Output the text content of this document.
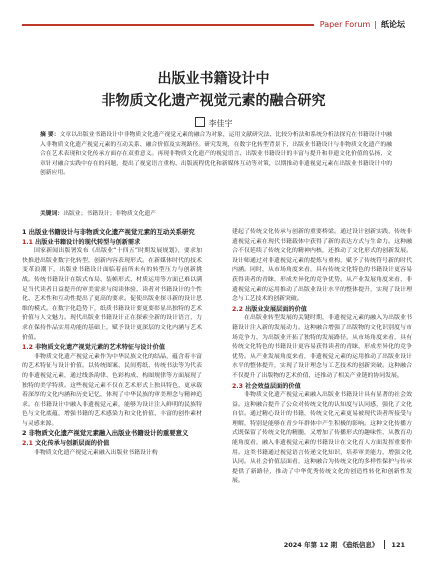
Paper Forum | 纸论坛
出版业书籍设计中
非物质文化遗产视觉元素的融合研究
李佳宇
摘 要：文章以出版业书籍设计中非物质文化遗产视觉元素的融合为对象，运用文献研究法、比较分析法和系统分析法探究在书籍设计中融入非物质文化遗产视觉元素的互动关系、融合价值及实现路径。研究发现，在数字化转型背景下，出版业书籍设计与非物质文化遗产的融合在艺术表现和文化传承方面存在双重意义。再现非物质文化遗产的视觉语言、出版业书籍设计的丰富与提升和非遗文化价值的弘扬，文章针对融合实践中存在的问题，提出了视觉语言重构、出版流程优化和新媒体互动等对策，以期推动非遗视觉元素在出版业书籍设计中的创新应用。
关键词：出版业；书籍设计；非物质文化遗产
1 出版业书籍设计与非物质文化遗产视觉元素的互动关系研究
1.1 出版业书籍设计的现代转型与创新需求

国家新闻出版署发布《出版业“十四五”时期发展规划》，要求加快推进出版业数字化转型，创新内容表现形式。在新媒体时代的技术变革浪潮下，出版业书籍设计面临着前所未有的转型压力与创新挑战。传统书籍设计在版式布局、装帧形式、材质运用等方面已难以满足当代读者日益提升的审美需求与阅读体验，读者对书籍设计的个性化、艺术性和互动性提出了更高的要求。促使出版业探寻新的设计思维的模式。在数字化趋势下，纸质书籍设计要更要彰显出独特的艺术价值与人文魅力。现代出版业书籍设计正在探索全新的设计语言，力求在保持作品实用功能的基础上，赋予设计更深层的文化内涵与艺术价值。

1.2 非物质文化遗产视觉元素的艺术特征与设计价值

非物质文化遗产视觉元素作为中华民族文化的结晶，蕴含着丰富的艺术特征与设计价值。以传统图案、民间剪纸、传统书法等为代表的非遗视觉元素，通过线条韵律、色彩构成、构图规律等方面展现了独特的美学特质。这些视觉元素不仅在艺术形式上独具特色，更承载着深厚的文化内涵和历史记忆，体现了中华民族的审美理念与精神追求。在书籍设计中融入非遗视觉元素，能够为设计注入鲜明的民族特色与文化底蕴，增强书籍的艺术感染力和文化价值，丰富的创作素材与灵感来源。

2 非物质文化遗产视觉元素融入出版业书籍设计的重要意义
2.1 文化传承与创新层面的价值

非物质文化遗产视觉元素融入出版业书籍设计构

建起了传统文化传承与创新的重要桥梁。通过设计创新实践，传统非遗视觉元素在现代书籍载体中获得了新的表达方式与生命力。这种融合不仅延续了传统文化的精神内核，还推动了文化形式的创新发展。设计师通过对非遗视觉元素的提炼与重构，赋予了传统符号新的时代内涵。同时，从市场角度来看，具有传统文化特色的书籍设计更容易获得读者的青睐，形成差异化的竞争优势。从产业发展角度来看，非遗视觉元素的运用推动了出版业设计水平的整体提升，实现了设计理念与工艺技术的创新突破。

2.2 出版业发展层面的价值

在出版业转型发展的关键时期，非遗视觉元素的融入为出版业书籍设计注入新的发展动力。这种融合增强了出版物的文化识别度与市场竞争力，为出版业开拓了独特的发展路径。从市场角度来看，具有传统文化特色的书籍设计更容易获得读者的青睐，形成差异化的竞争优势。从产业发展角度来看，非遗视觉元素的运用推动了出版业设计水平的整体提升，实现了设计理念与工艺技术的创新突破。这种融合不仅提升了出版物的艺术价值，还推动了相关产业链的协同发展。

2.3 社会效益层面的价值

非物质文化遗产视觉元素融入出版业书籍设计具有显著的社会效益。这种融合提升了公众对传统文化的认知度与认同感，强化了文化自信。通过精心设计的书籍，传统文化元素更易被现代读者所接受与理解，特别是能够在青少年群体中产生积极的影响。这种文化传播方式既保留了传统文化的精髓，又增加了传播形式的趣味性，从教育功能角度看，融入非遗视觉元素的书籍设计在文化育人方面发挥重要作用。这类书籍通过视觉语言传递文化知识，培养审美能力，增强文化认同。从社会价值层面看，这种融合为传统文化的多样性保护与传承提供了新路径，推动了中华优秀传统文化的创造性转化和创新性发展。

2024 年第 12 期 《造纸信息》 121
